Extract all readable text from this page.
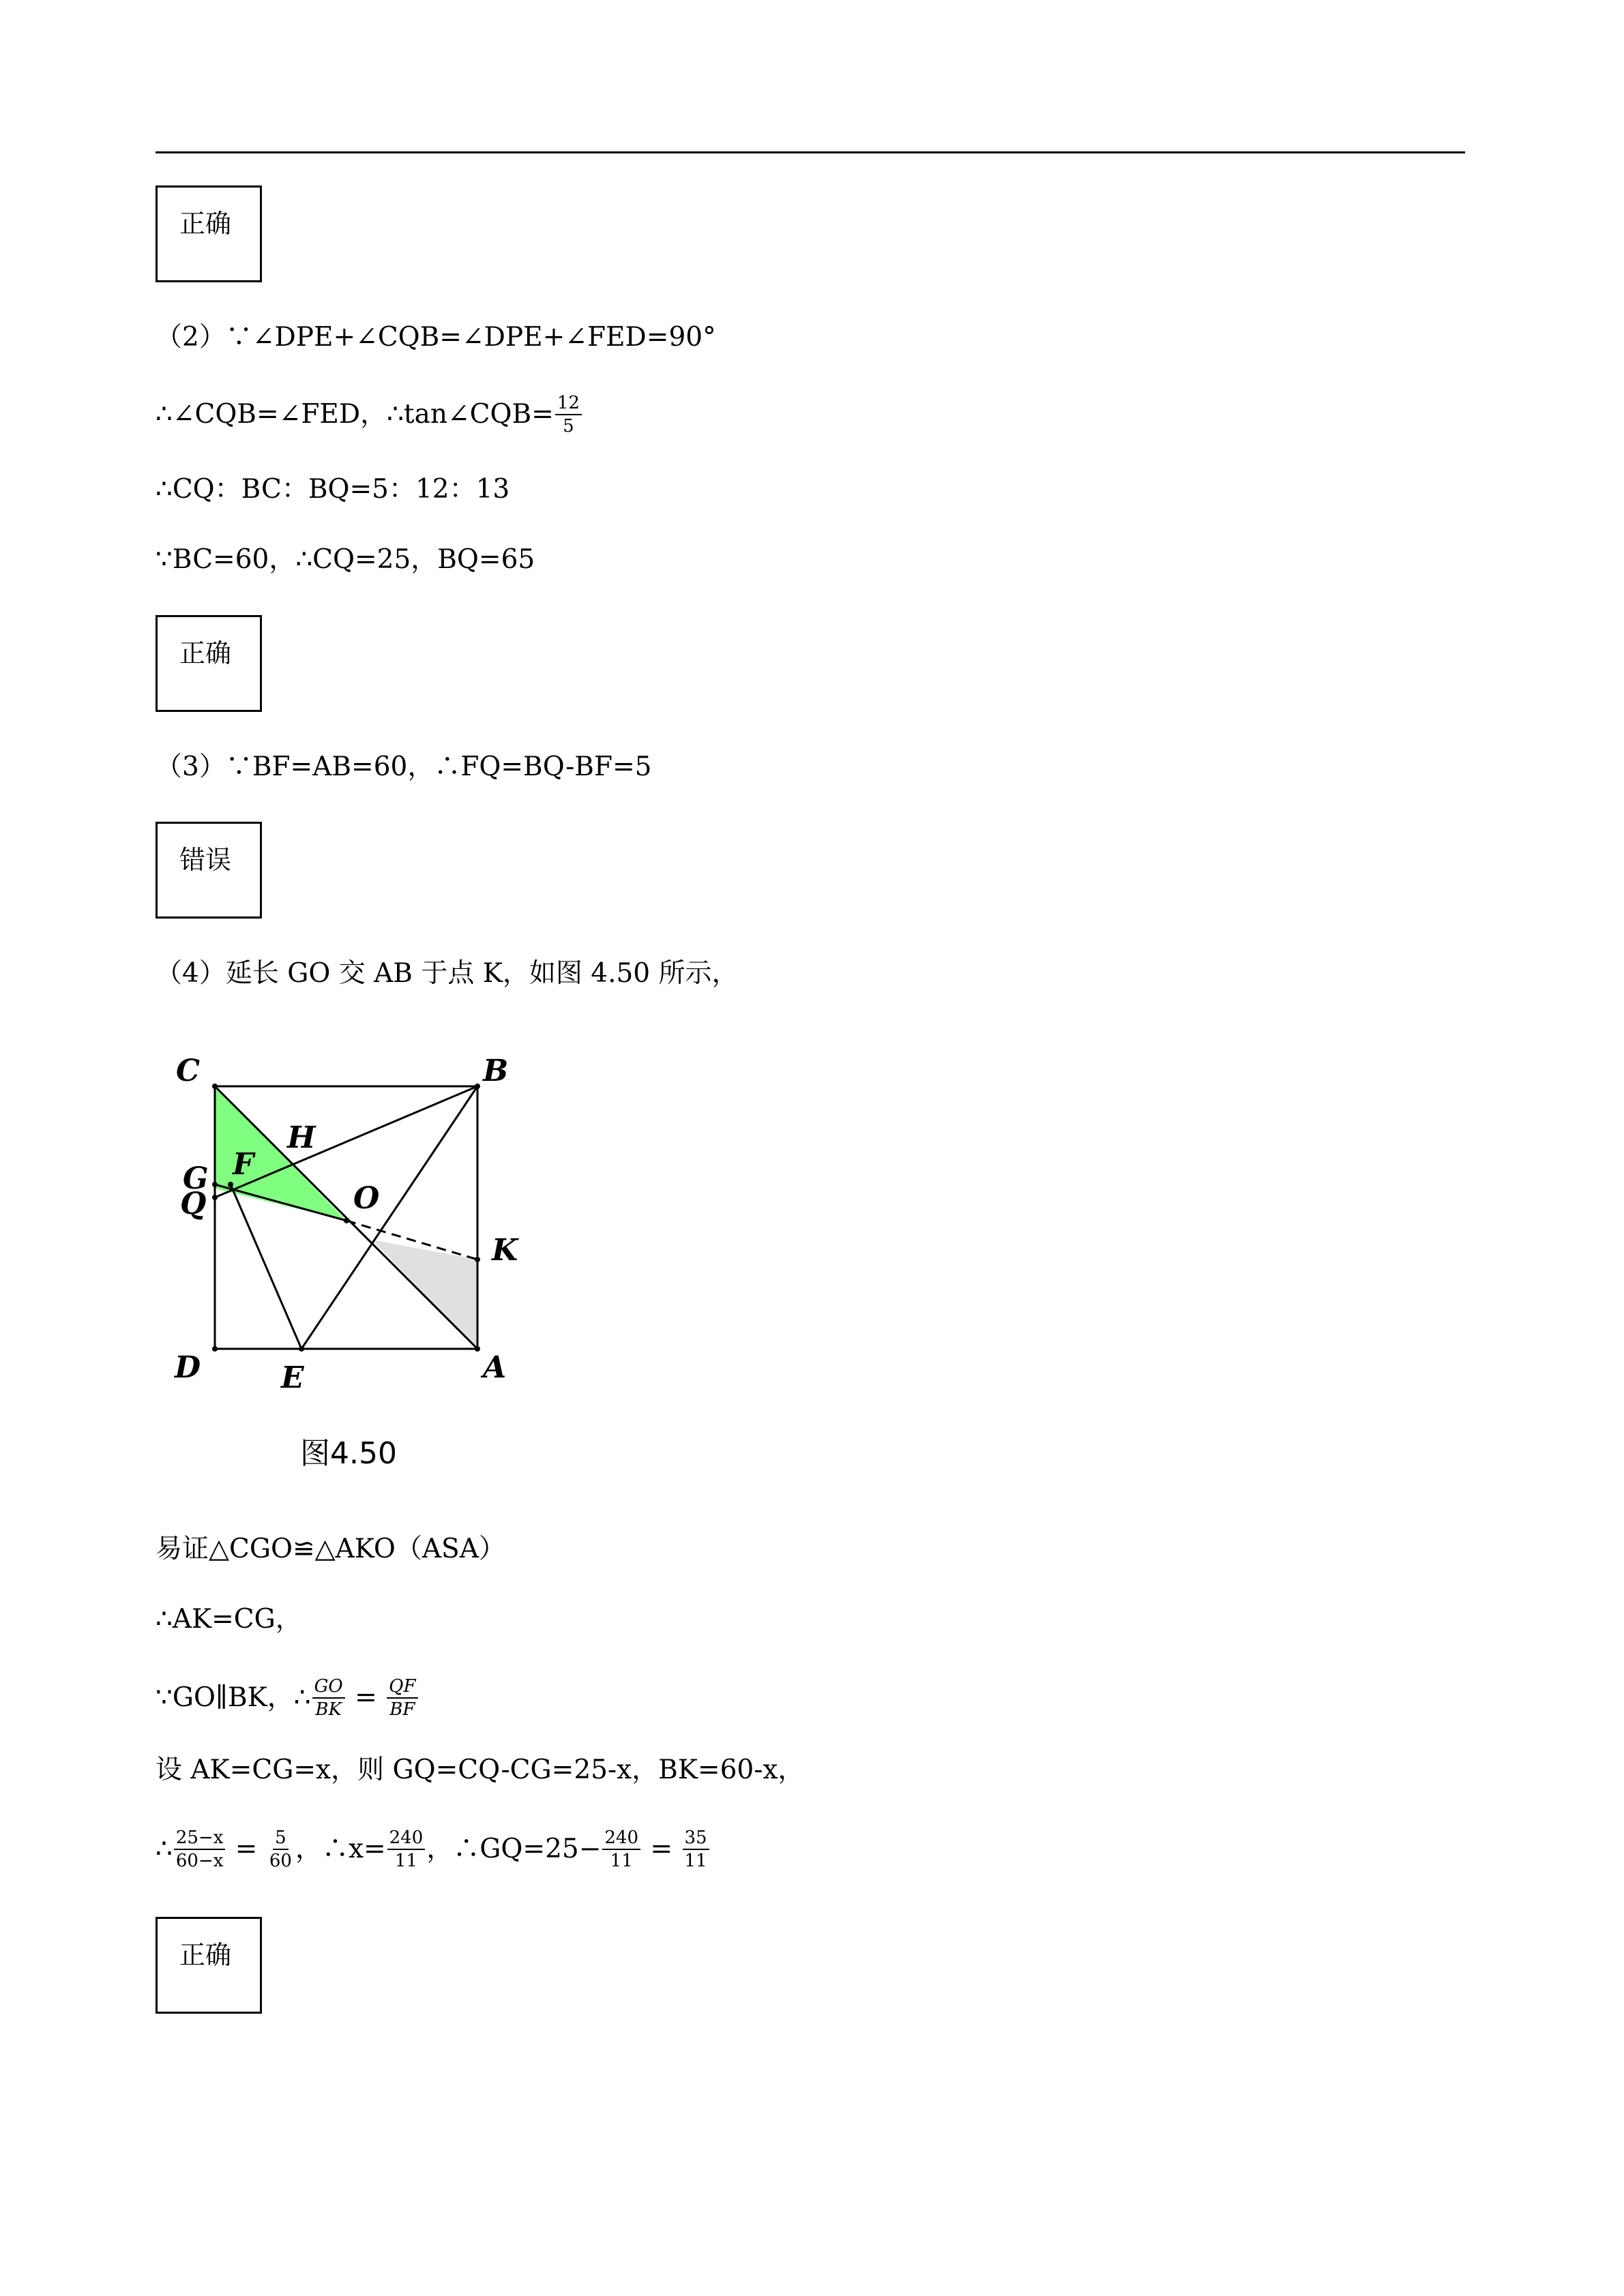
正确
（2）∵∠DPE+∠CQB=∠DPE+∠FED=90°
∴∠CQB=∠FED，∴tan∠CQB= $\frac{12}{5}$
∴CQ：BC：BQ=5：12：13
∵BC=60，∴CQ=25，BQ=65
正确
（3）∵BF=AB=60，∴FQ=BQ-BF=5
错误
（4）延长 GO 交 AB 于点 K，如图 4.50 所示，
C	B
H
G F
Q	O
K
D	E	A
图4.50
易证△CGO≌△AKO（ASA）
∴AK=CG，
∵GO∥BK，∴ $\frac{GO}{BK} = \frac{QF}{BF}$
设 AK=CG=x，则 GQ=CQ-CG=25-x，BK=60-x，
∴ $\frac{25-x}{60-x} = \frac{5}{60}$ ，∴x= $\frac{240}{11}$ ，∴GQ=25− $\frac{240}{11} = \frac{35}{11}$
正确
